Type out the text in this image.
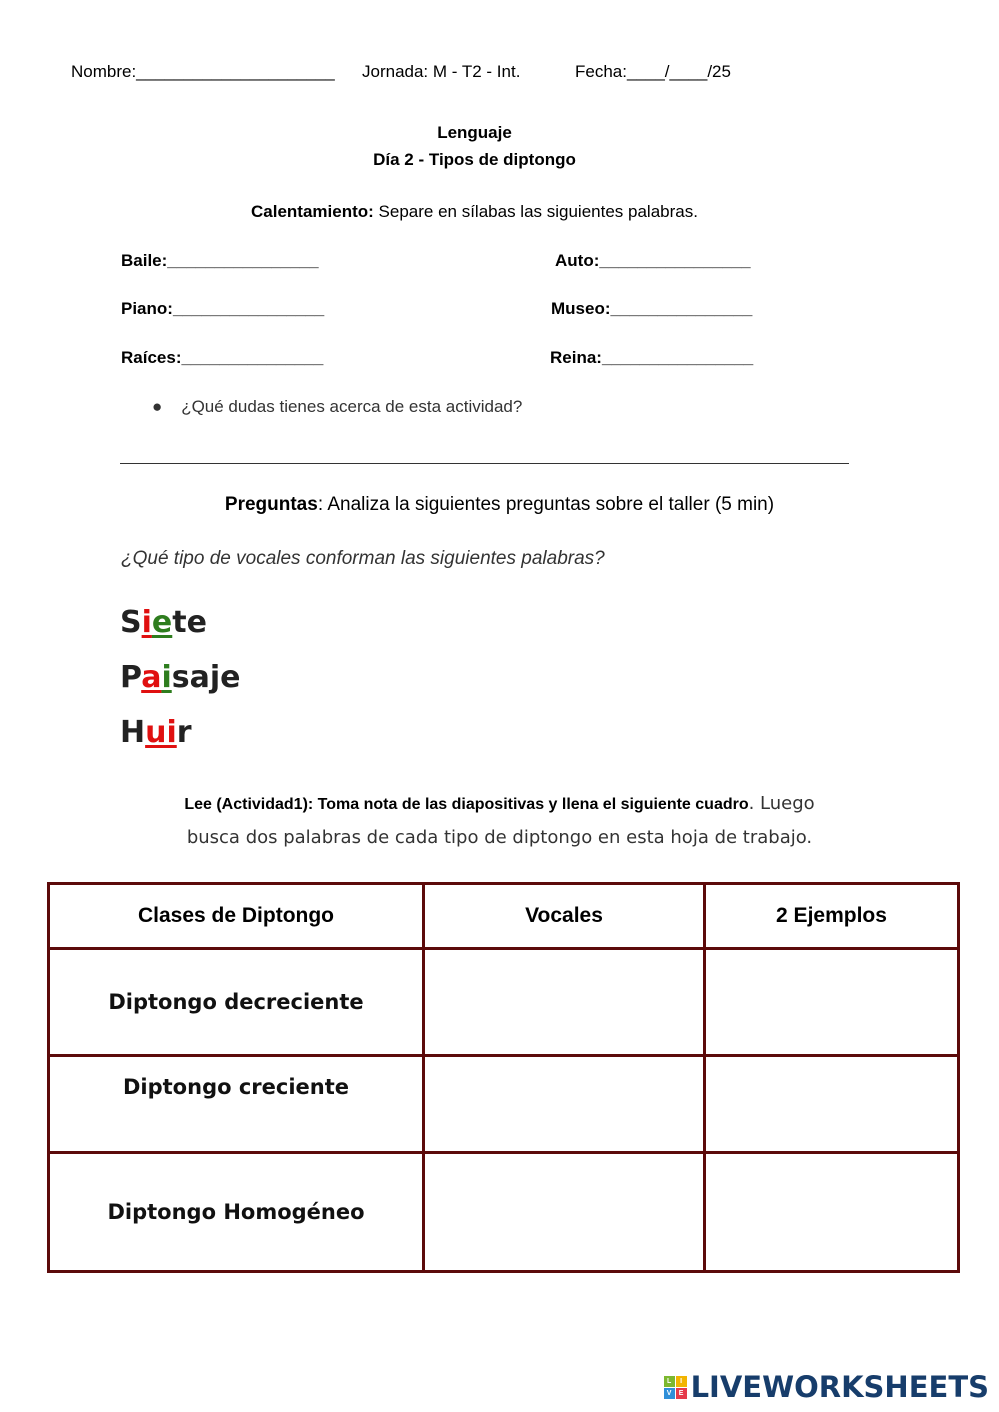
Nombre:_____________________ Jornada: M - T2 - Int.	Fecha:____/____/25
Lenguaje
Día 2 - Tipos de diptongo
Calentamiento: Separe en sílabas las siguientes palabras.
Baile:________________	Auto:________________
Piano:________________	Museo:_______________
Raíces:_______________	Reina:________________
● ¿Qué dudas tienes acerca de esta actividad?
Preguntas: Analiza la siguientes preguntas sobre el taller (5 min)
¿Qué tipo de vocales conforman las siguientes palabras?
Siete
Paisaje
Huir
Lee (Actividad1): Toma nota de las diapositivas y llena el siguiente cuadro. Luego
busca dos palabras de cada tipo de diptongo en esta hoja de trabajo.
Clases de Diptongo	Vocales	2 Ejemplos
Diptongo decreciente		
Diptongo creciente		
Diptongo Homogéneo		
L	I
V	E LIVEWORKSHEETS
